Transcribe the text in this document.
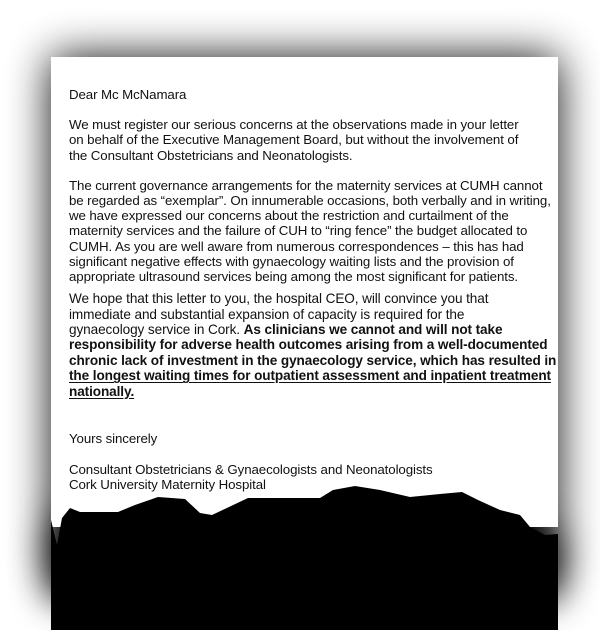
Dear Mc McNamara

We must register our serious concerns at the observations made in your letter
on behalf of the Executive Management Board, but without the involvement of
the Consultant Obstetricians and Neonatologists.

The current governance arrangements for the maternity services at CUMH cannot
be regarded as “exemplar”. On innumerable occasions, both verbally and in writing,
we have expressed our concerns about the restriction and curtailment of the
maternity services and the failure of CUH to “ring fence” the budget allocated to
CUMH. As you are well aware from numerous correspondences – this has had
significant negative effects with gynaecology waiting lists and the provision of
appropriate ultrasound services being among the most significant for patients.

We hope that this letter to you, the hospital CEO, will convince you that
immediate and substantial expansion of capacity is required for the
gynaecology service in Cork. As clinicians we cannot and will not take
responsibility for adverse health outcomes arising from a well-documented
chronic lack of investment in the gynaecology service, which has resulted in
the longest waiting times for outpatient assessment and inpatient treatment
nationally.

Yours sincerely

Consultant Obstetricians & Gynaecologists and Neonatologists
Cork University Maternity Hospital
